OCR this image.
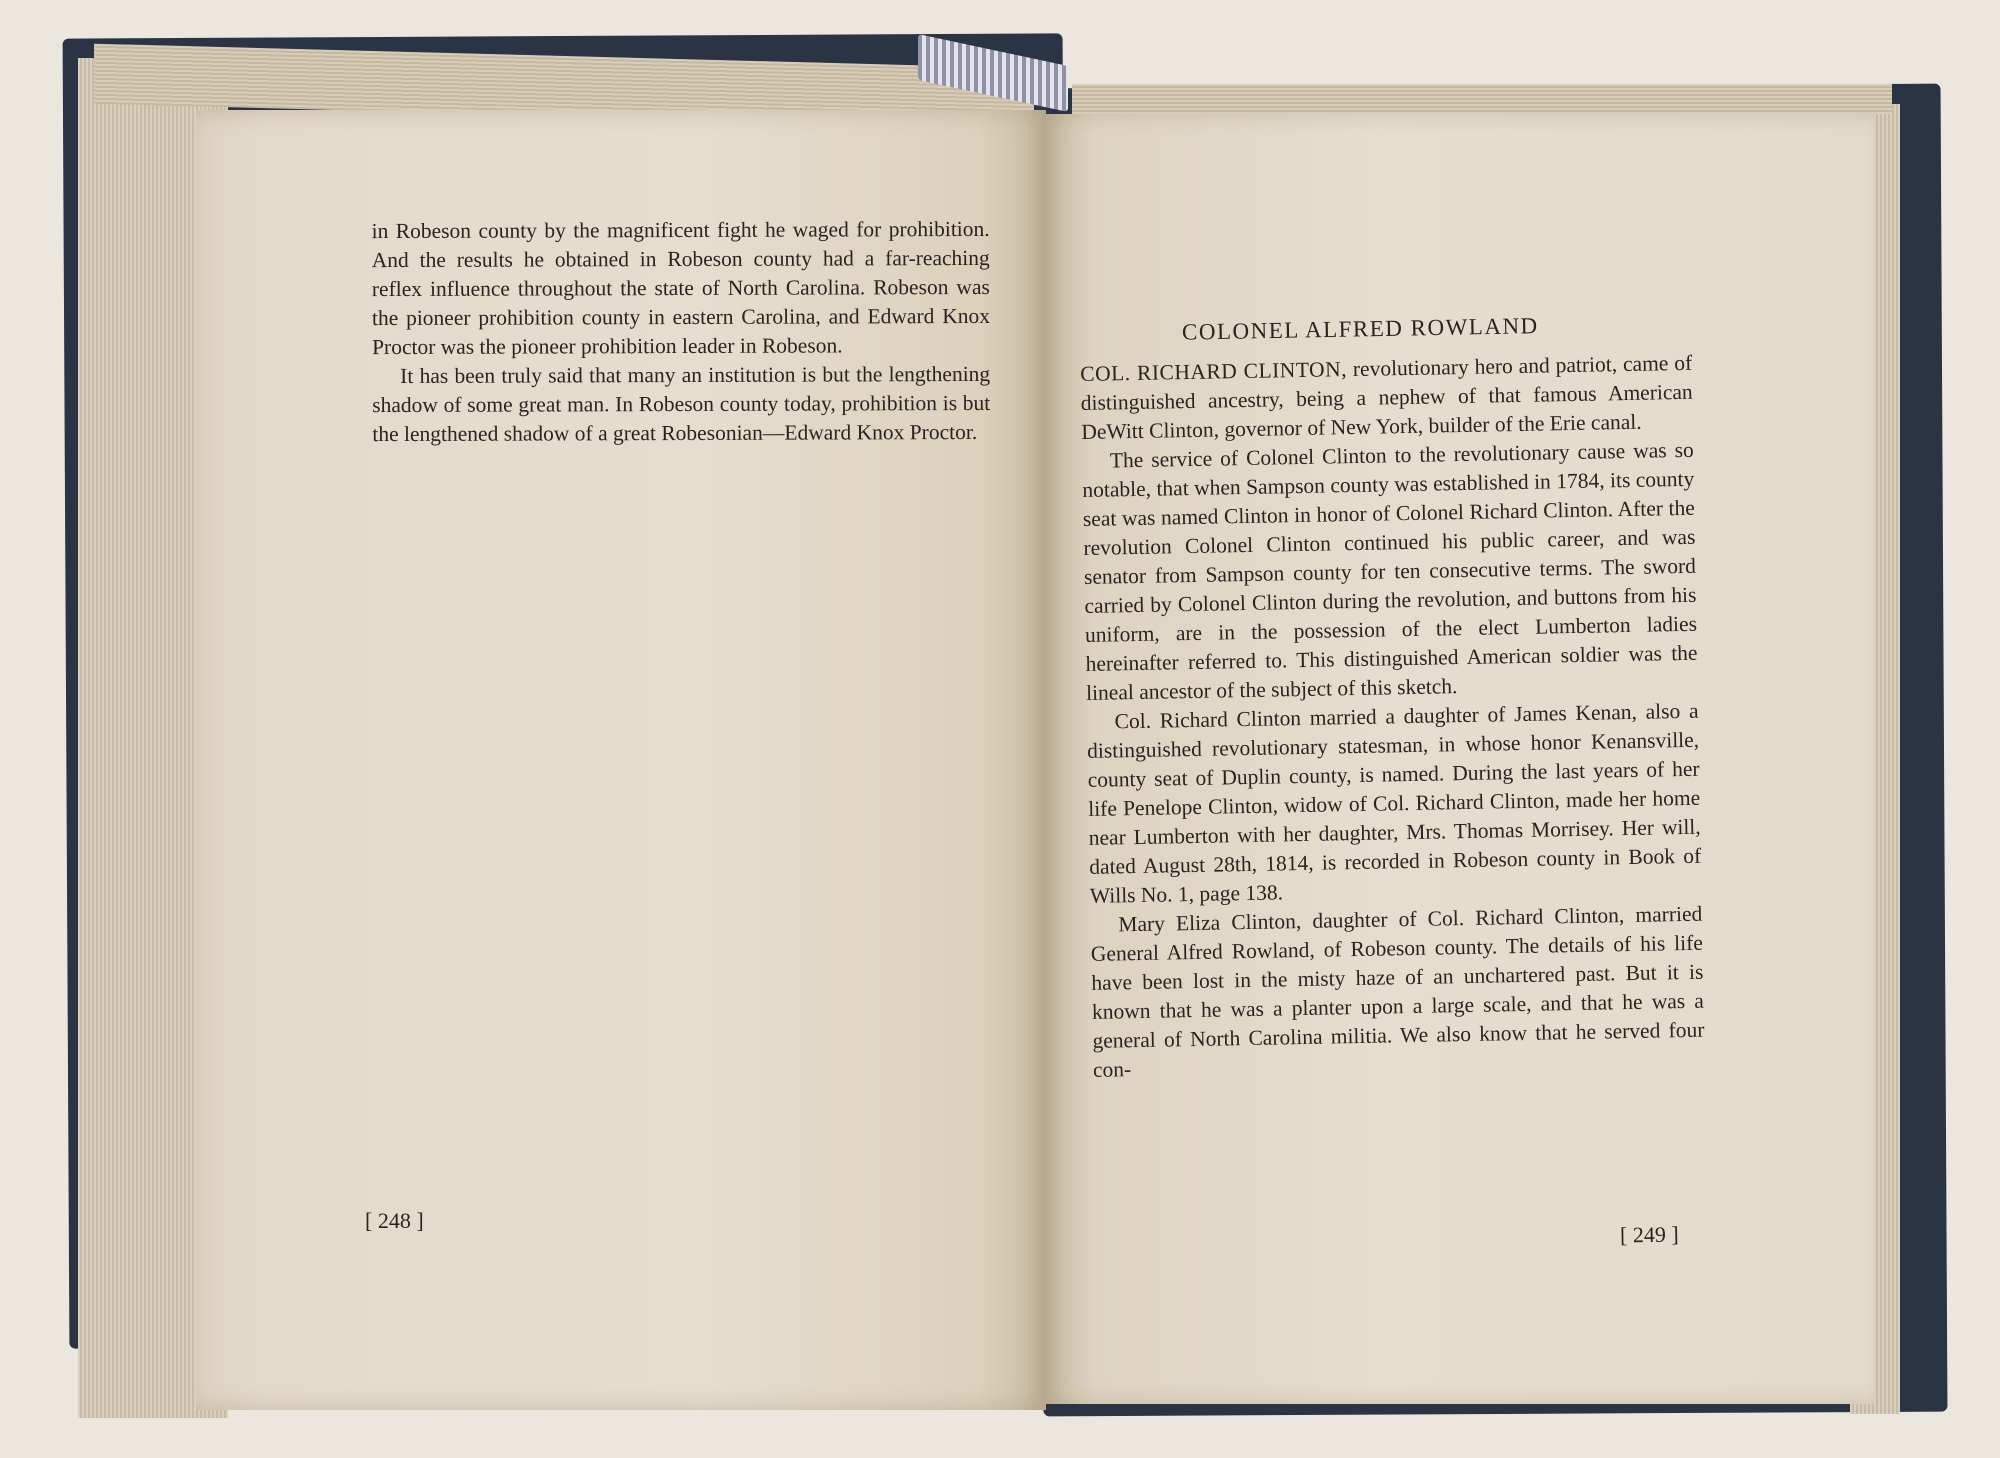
in Robeson county by the magnificent fight he waged for prohibition. And the results he obtained in Robeson county had a far-reaching reflex influence throughout the state of North Carolina. Robeson was the pioneer prohibition county in eastern Carolina, and Edward Knox Proctor was the pioneer prohibition leader in Robeson.

It has been truly said that many an institution is but the lengthening shadow of some great man. In Robeson county today, prohibition is but the lengthened shadow of a great Robesonian—Edward Knox Proctor.

[ 248 ]
COLONEL ALFRED ROWLAND

COL. RICHARD CLINTON, revolutionary hero and patriot, came of distinguished ancestry, being a nephew of that famous American DeWitt Clinton, governor of New York, builder of the Erie canal.

The service of Colonel Clinton to the revolutionary cause was so notable, that when Sampson county was established in 1784, its county seat was named Clinton in honor of Colonel Richard Clinton. After the revolution Colonel Clinton continued his public career, and was senator from Sampson county for ten consecutive terms. The sword carried by Colonel Clinton during the revolution, and buttons from his uniform, are in the possession of the elect Lumberton ladies hereinafter referred to. This distinguished American soldier was the lineal ancestor of the subject of this sketch.

Col. Richard Clinton married a daughter of James Kenan, also a distinguished revolutionary statesman, in whose honor Kenansville, county seat of Duplin county, is named. During the last years of her life Penelope Clinton, widow of Col. Richard Clinton, made her home near Lumberton with her daughter, Mrs. Thomas Morrisey. Her will, dated August 28th, 1814, is recorded in Robeson county in Book of Wills No. 1, page 138.

Mary Eliza Clinton, daughter of Col. Richard Clinton, married General Alfred Rowland, of Robeson county. The details of his life have been lost in the misty haze of an unchartered past. But it is known that he was a planter upon a large scale, and that he was a general of North Carolina militia. We also know that he served four con-

[ 249 ]
